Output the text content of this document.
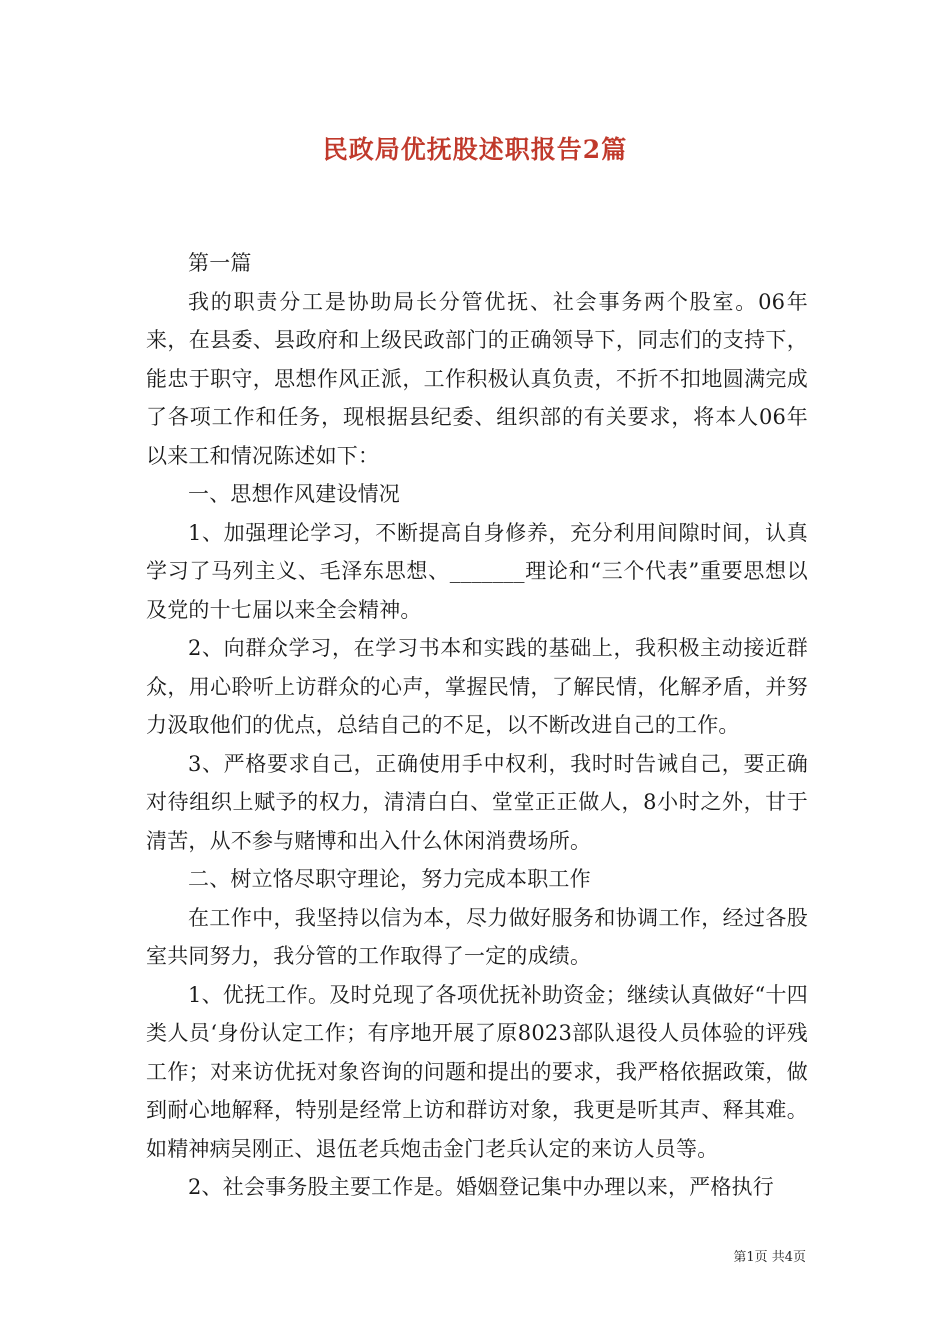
民政局优抚股述职报告2篇

第一篇

我的职责分工是协助局长分管优抚、社会事务两个股室。06年来，在县委、县政府和上级民政部门的正确领导下，同志们的支持下，能忠于职守，思想作风正派，工作积极认真负责，不折不扣地圆满完成了各项工作和任务，现根据县纪委、组织部的有关要求，将本人06年以来工和情况陈述如下：

一、思想作风建设情况

1、加强理论学习，不断提高自身修养，充分利用间隙时间，认真学习了马列主义、毛泽东思想、_______理论和“三个代表”重要思想以及党的十七届以来全会精神。

2、向群众学习，在学习书本和实践的基础上，我积极主动接近群众，用心聆听上访群众的心声，掌握民情，了解民情，化解矛盾，并努力汲取他们的优点，总结自己的不足，以不断改进自己的工作。

3、严格要求自己，正确使用手中权利，我时时告诫自己，要正确对待组织上赋予的权力，清清白白、堂堂正正做人，8小时之外，甘于清苦，从不参与赌博和出入什么休闲消费场所。

二、树立恪尽职守理论，努力完成本职工作

在工作中，我坚持以信为本，尽力做好服务和协调工作，经过各股室共同努力，我分管的工作取得了一定的成绩。

1、优抚工作。及时兑现了各项优抚补助资金；继续认真做好“十四类人员‘身份认定工作；有序地开展了原8023部队退役人员体验的评残工作；对来访优抚对象咨询的问题和提出的要求，我严格依据政策，做到耐心地解释，特别是经常上访和群访对象，我更是听其声、释其难。如精神病吴刚正、退伍老兵炮击金门老兵认定的来访人员等。

2、社会事务股主要工作是。婚姻登记集中办理以来，严格执行

第1页 共4页
